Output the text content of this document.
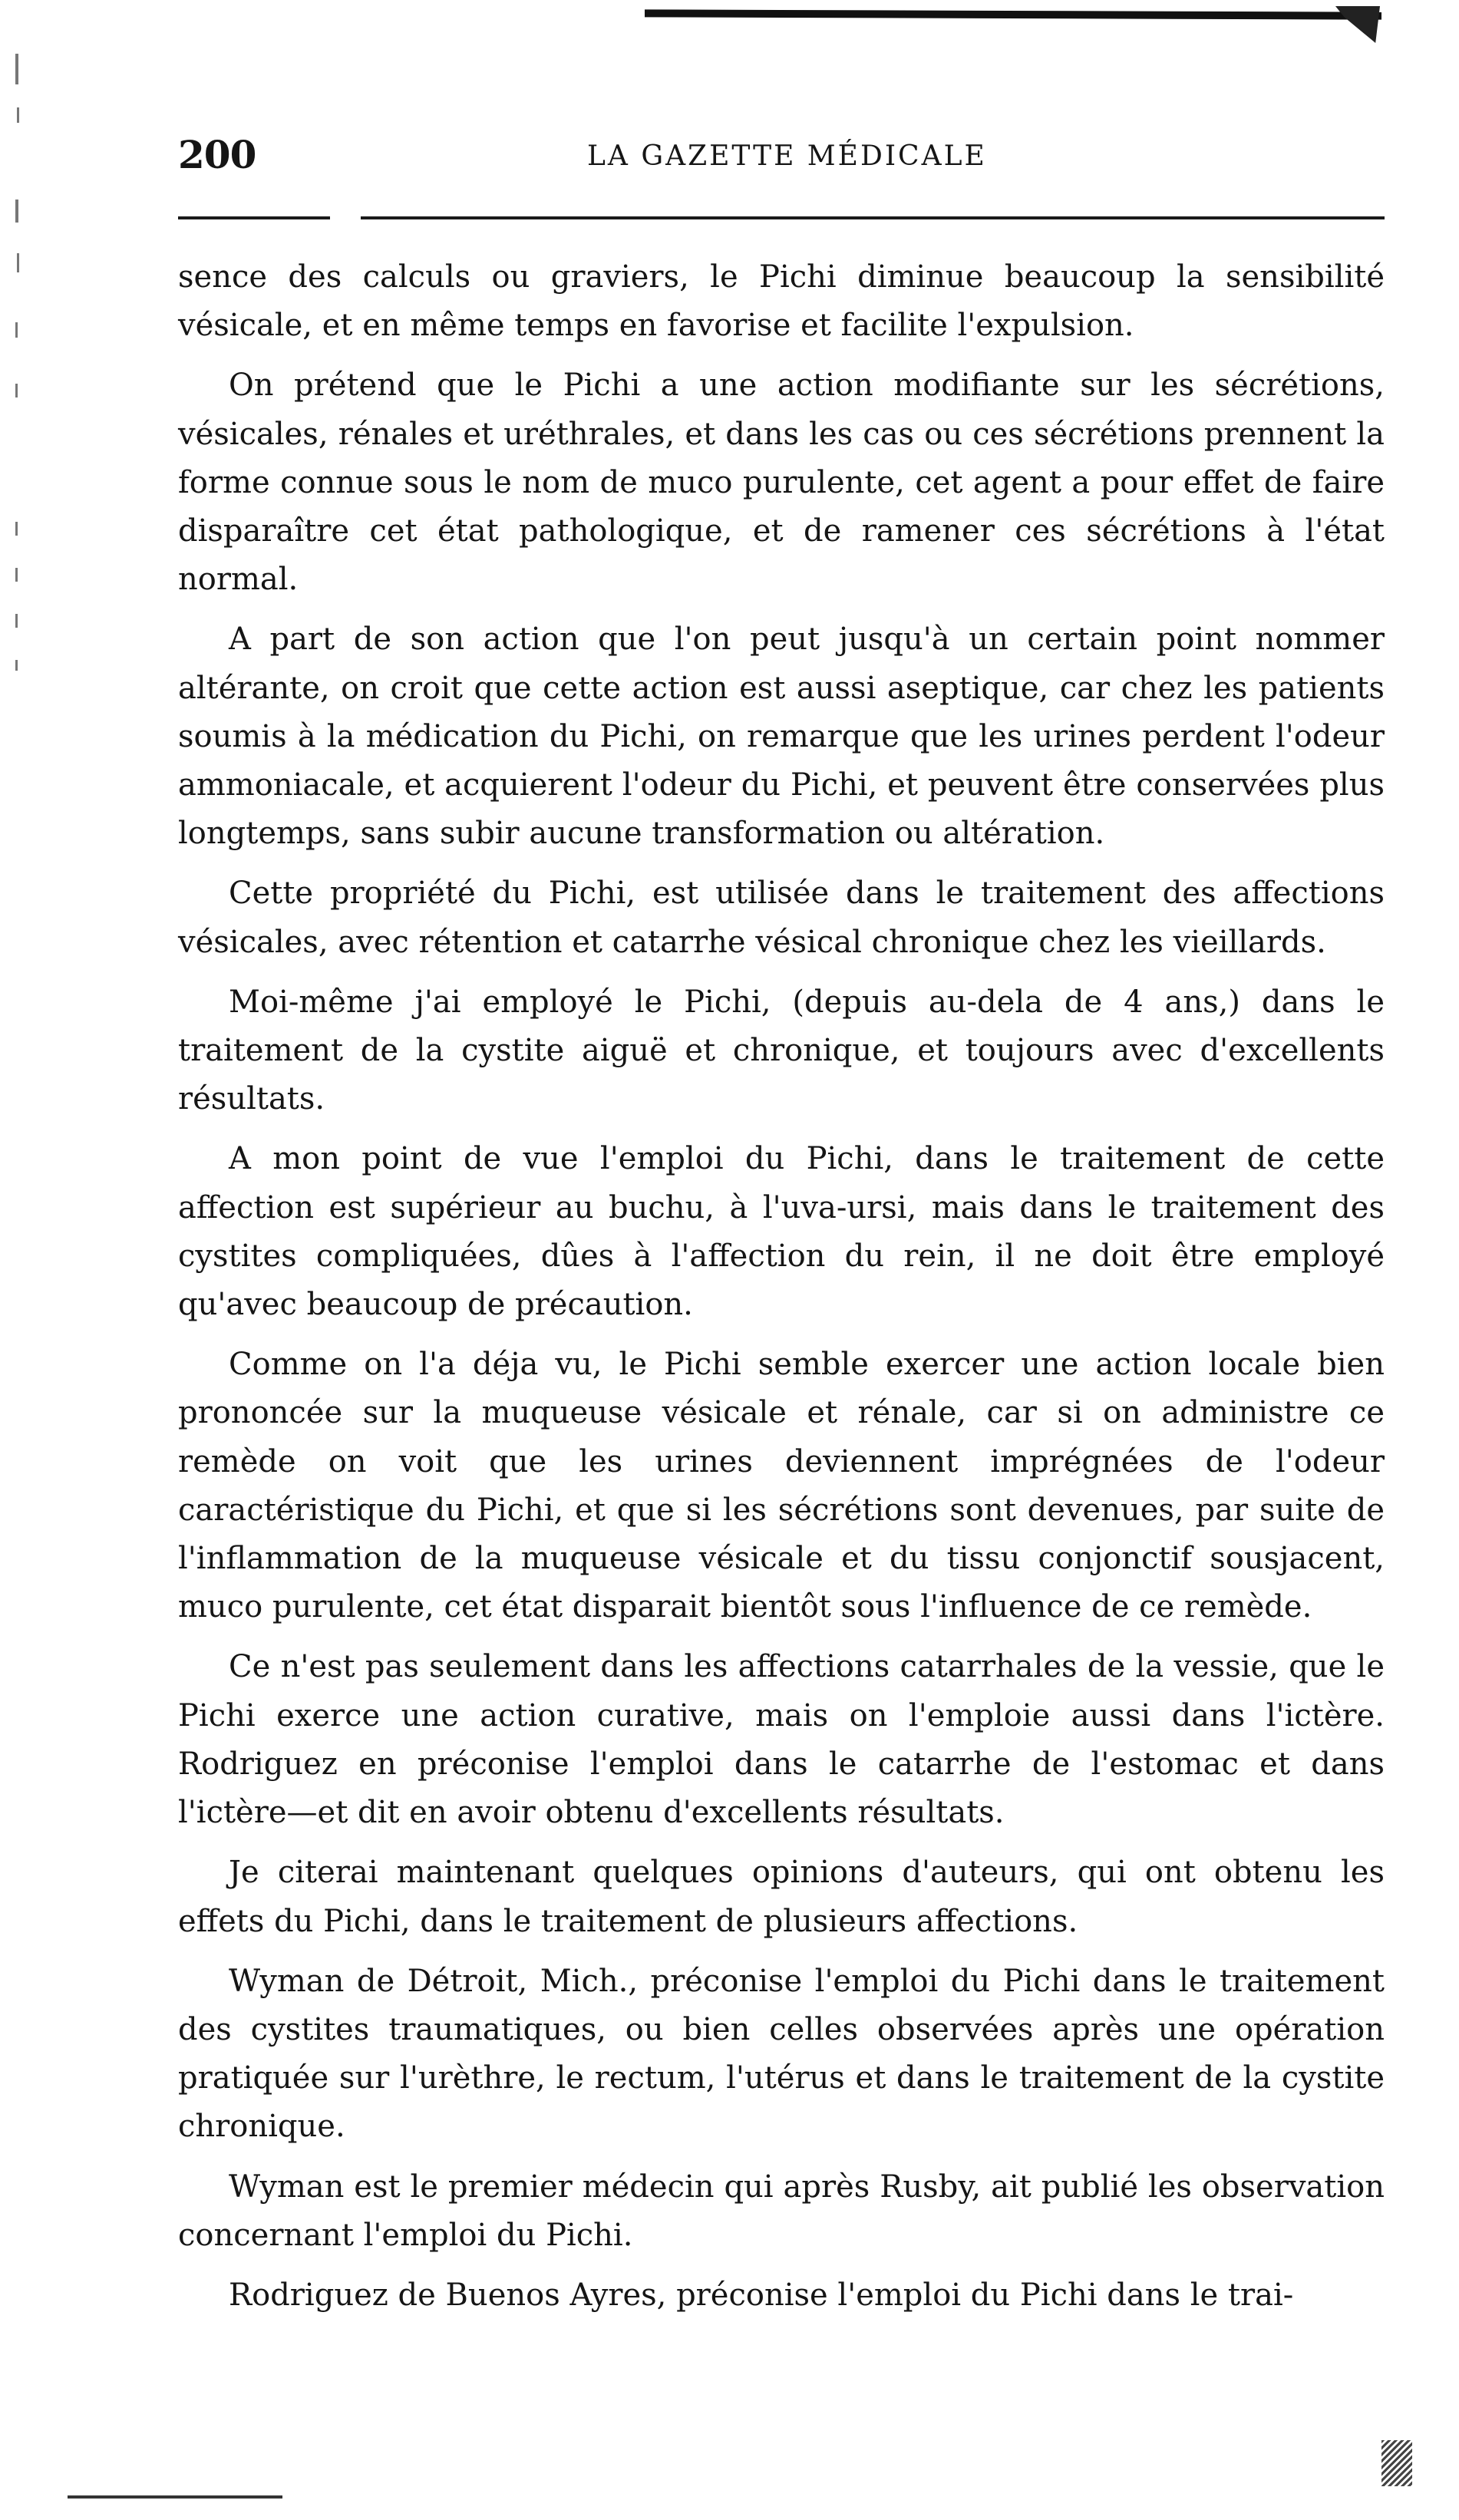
200	LA GAZETTE MÉDICALE

sence des calculs ou graviers, le Pichi diminue beaucoup la sensibilité vésicale, et en même temps en favorise et facilite l'expulsion.

On prétend que le Pichi a une action modifiante sur les sécrétions, vésicales, rénales et uréthrales, et dans les cas ou ces sécrétions prennent la forme connue sous le nom de muco purulente, cet agent a pour effet de faire disparaître cet état pathologique, et de ramener ces sécrétions à l'état normal.

A part de son action que l'on peut jusqu'à un certain point nommer altérante, on croit que cette action est aussi aseptique, car chez les patients soumis à la médication du Pichi, on remarque que les urines perdent l'odeur ammoniacale, et acquierent l'odeur du Pichi, et peuvent être conservées plus longtemps, sans subir aucune transformation ou altération.

Cette propriété du Pichi, est utilisée dans le traitement des affections vésicales, avec rétention et catarrhe vésical chronique chez les vieillards.

Moi-même j'ai employé le Pichi, (depuis au-dela de 4 ans,) dans le traitement de la cystite aiguë et chronique, et toujours avec d'excellents résultats.

A mon point de vue l'emploi du Pichi, dans le traitement de cette affection est supérieur au buchu, à l'uva-ursi, mais dans le traitement des cystites compliquées, dûes à l'affection du rein, il ne doit être employé qu'avec beaucoup de précaution.

Comme on l'a déja vu, le Pichi semble exercer une action locale bien prononcée sur la muqueuse vésicale et rénale, car si on administre ce remède on voit que les urines deviennent imprégnées de l'odeur caractéristique du Pichi, et que si les sécrétions sont devenues, par suite de l'inflammation de la muqueuse vésicale et du tissu conjonctif sousjacent, muco purulente, cet état disparait bientôt sous l'influence de ce remède.

Ce n'est pas seulement dans les affections catarrhales de la vessie, que le Pichi exerce une action curative, mais on l'emploie aussi dans l'ictère. Rodriguez en préconise l'emploi dans le catarrhe de l'estomac et dans l'ictère—et dit en avoir obtenu d'excellents résultats.

Je citerai maintenant quelques opinions d'auteurs, qui ont obtenu les effets du Pichi, dans le traitement de plusieurs affections.

Wyman de Détroit, Mich., préconise l'emploi du Pichi dans le traitement des cystites traumatiques, ou bien celles observées après une opération pratiquée sur l'urèthre, le rectum, l'utérus et dans le traitement de la cystite chronique.

Wyman est le premier médecin qui après Rusby, ait publié les observation concernant l'emploi du Pichi.

Rodriguez de Buenos Ayres, préconise l'emploi du Pichi dans le trai-
